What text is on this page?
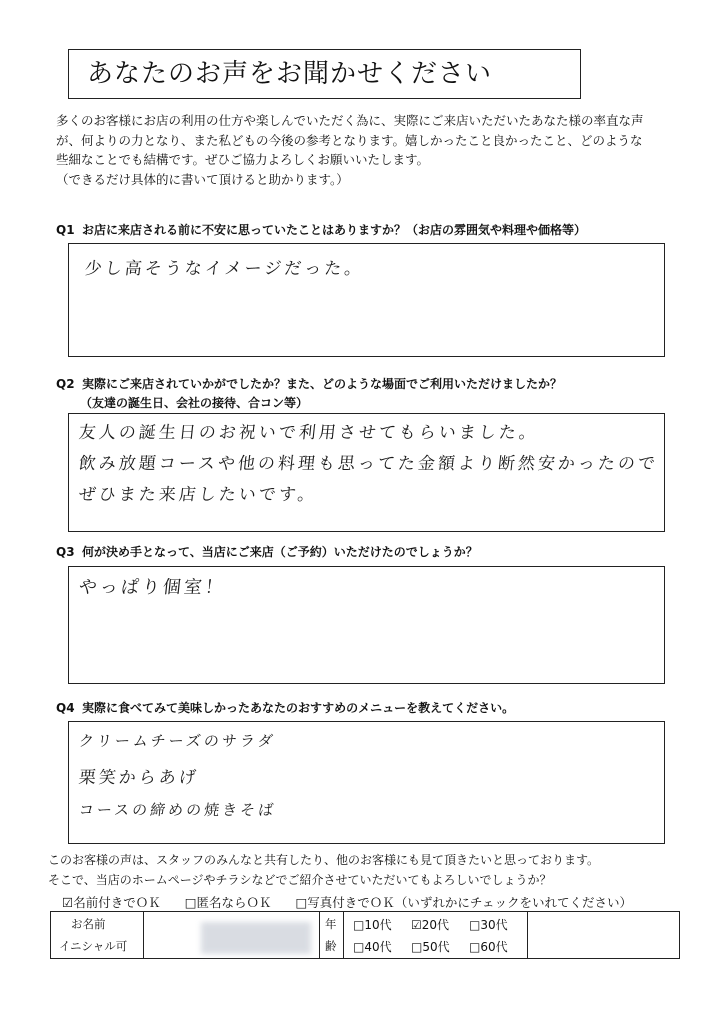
あなたのお声をお聞かせください

多くのお客様にお店の利用の仕方や楽しんでいただく為に、実際にご来店いただいたあなた様の率直な声

が、何よりの力となり、また私どもの今後の参考となります。嬉しかったこと良かったこと、どのような

些細なことでも結構です。ぜひご協力よろしくお願いいたします。

（できるだけ具体的に書いて頂けると助かります。）

Q1 お店に来店される前に不安に思っていたことはありますか？（お店の雰囲気や料理や価格等）
少し高そうなイメージだった。
Q2 実際にご来店されていかがでしたか？また、どのような場面でご利用いただけましたか？
（友達の誕生日、会社の接待、合コン等）
友人の誕生日のお祝いで利用させてもらいました。
飲み放題コースや他の料理も思ってた金額より断然安かったので
ぜひまた来店したいです。
Q3 何が決め手となって、当店にご来店（ご予約）いただけたのでしょうか？
やっぱり個室！
Q4 実際に食べてみて美味しかったあなたのおすすめのメニューを教えてください。
クリームチーズのサラダ
栗笑からあげ
コースの締めの焼きそば
このお客様の声は、スタッフのみんなと共有したり、他のお客様にも見て頂きたいと思っております。
そこで、当店のホームページやチラシなどでご紹介させていただいてもよろしいでしょうか？
☑名前付きでＯＫ □匿名ならＯＫ □写真付きでＯＫ（いずれかにチェックをいれてください）
お名前
イニシャル可
年
齢
□10代 ☑20代 □30代
□40代 □50代 □60代
